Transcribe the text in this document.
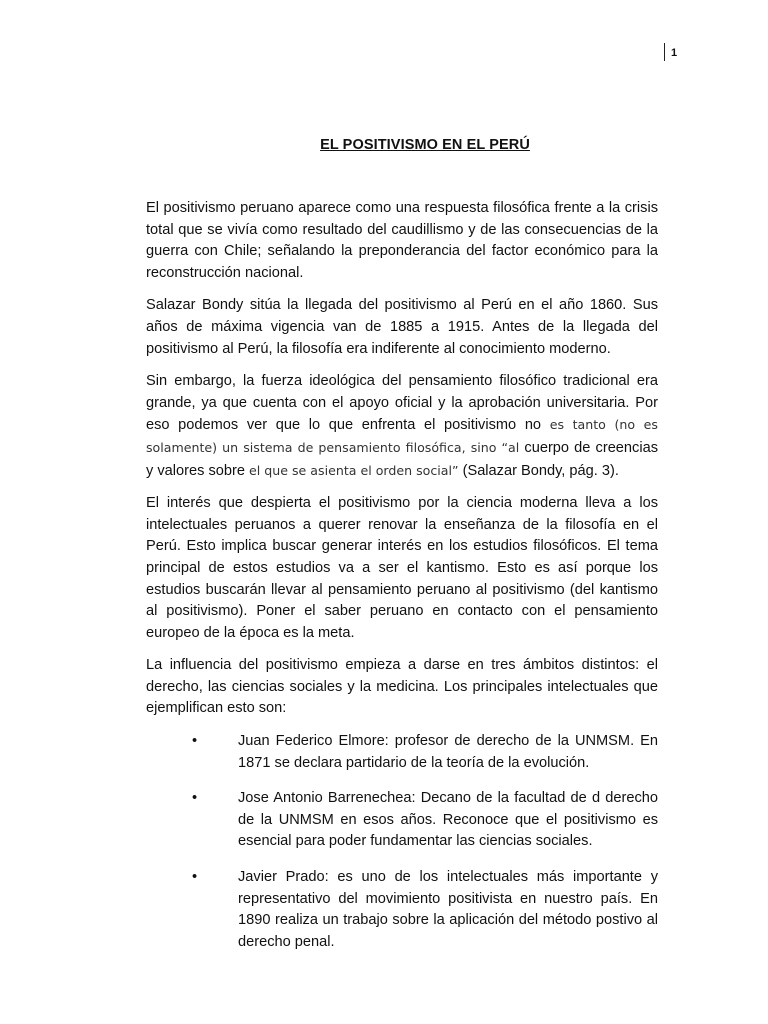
1
EL POSITIVISMO EN EL PERÚ

El positivismo peruano aparece como una respuesta filosófica frente a la crisis total que se vivía como resultado del caudillismo y de las consecuencias de la guerra con Chile; señalando la preponderancia del factor económico para la reconstrucción nacional.

Salazar Bondy sitúa la llegada del positivismo al Perú en el año 1860. Sus años de máxima vigencia van de 1885 a 1915. Antes de la llegada del positivismo al Perú, la filosofía era indiferente al conocimiento moderno.

Sin embargo, la fuerza ideológica del pensamiento filosófico tradicional era grande, ya que cuenta con el apoyo oficial y la aprobación universitaria. Por eso podemos ver que lo que enfrenta el positivismo no es tanto (no es solamente) un sistema de pensamiento filosófica, sino “al cuerpo de creencias y valores sobre el que se asienta el orden social” (Salazar Bondy, pág. 3).

El interés que despierta el positivismo por la ciencia moderna lleva a los intelectuales peruanos a querer renovar la enseñanza de la filosofía en el Perú. Esto implica buscar generar interés en los estudios filosóficos. El tema principal de estos estudios va a ser el kantismo. Esto es así porque los estudios buscarán llevar al pensamiento peruano al positivismo (del kantismo al positivismo). Poner el saber peruano en contacto con el pensamiento europeo de la época es la meta.

La influencia del positivismo empieza a darse en tres ámbitos distintos: el derecho, las ciencias sociales y la medicina. Los principales intelectuales que ejemplifican esto son:

•	Juan Federico Elmore: profesor de derecho de la UNMSM. En 1871 se declara partidario de la teoría de la evolución.
•	Jose Antonio Barrenechea: Decano de la facultad de d derecho de la UNMSM en esos años. Reconoce que el positivismo es esencial para poder fundamentar las ciencias sociales.
•	Javier Prado: es uno de los intelectuales más importante y representativo del movimiento positivista en nuestro país. En 1890 realiza un trabajo sobre la aplicación del método postivo al derecho penal.
